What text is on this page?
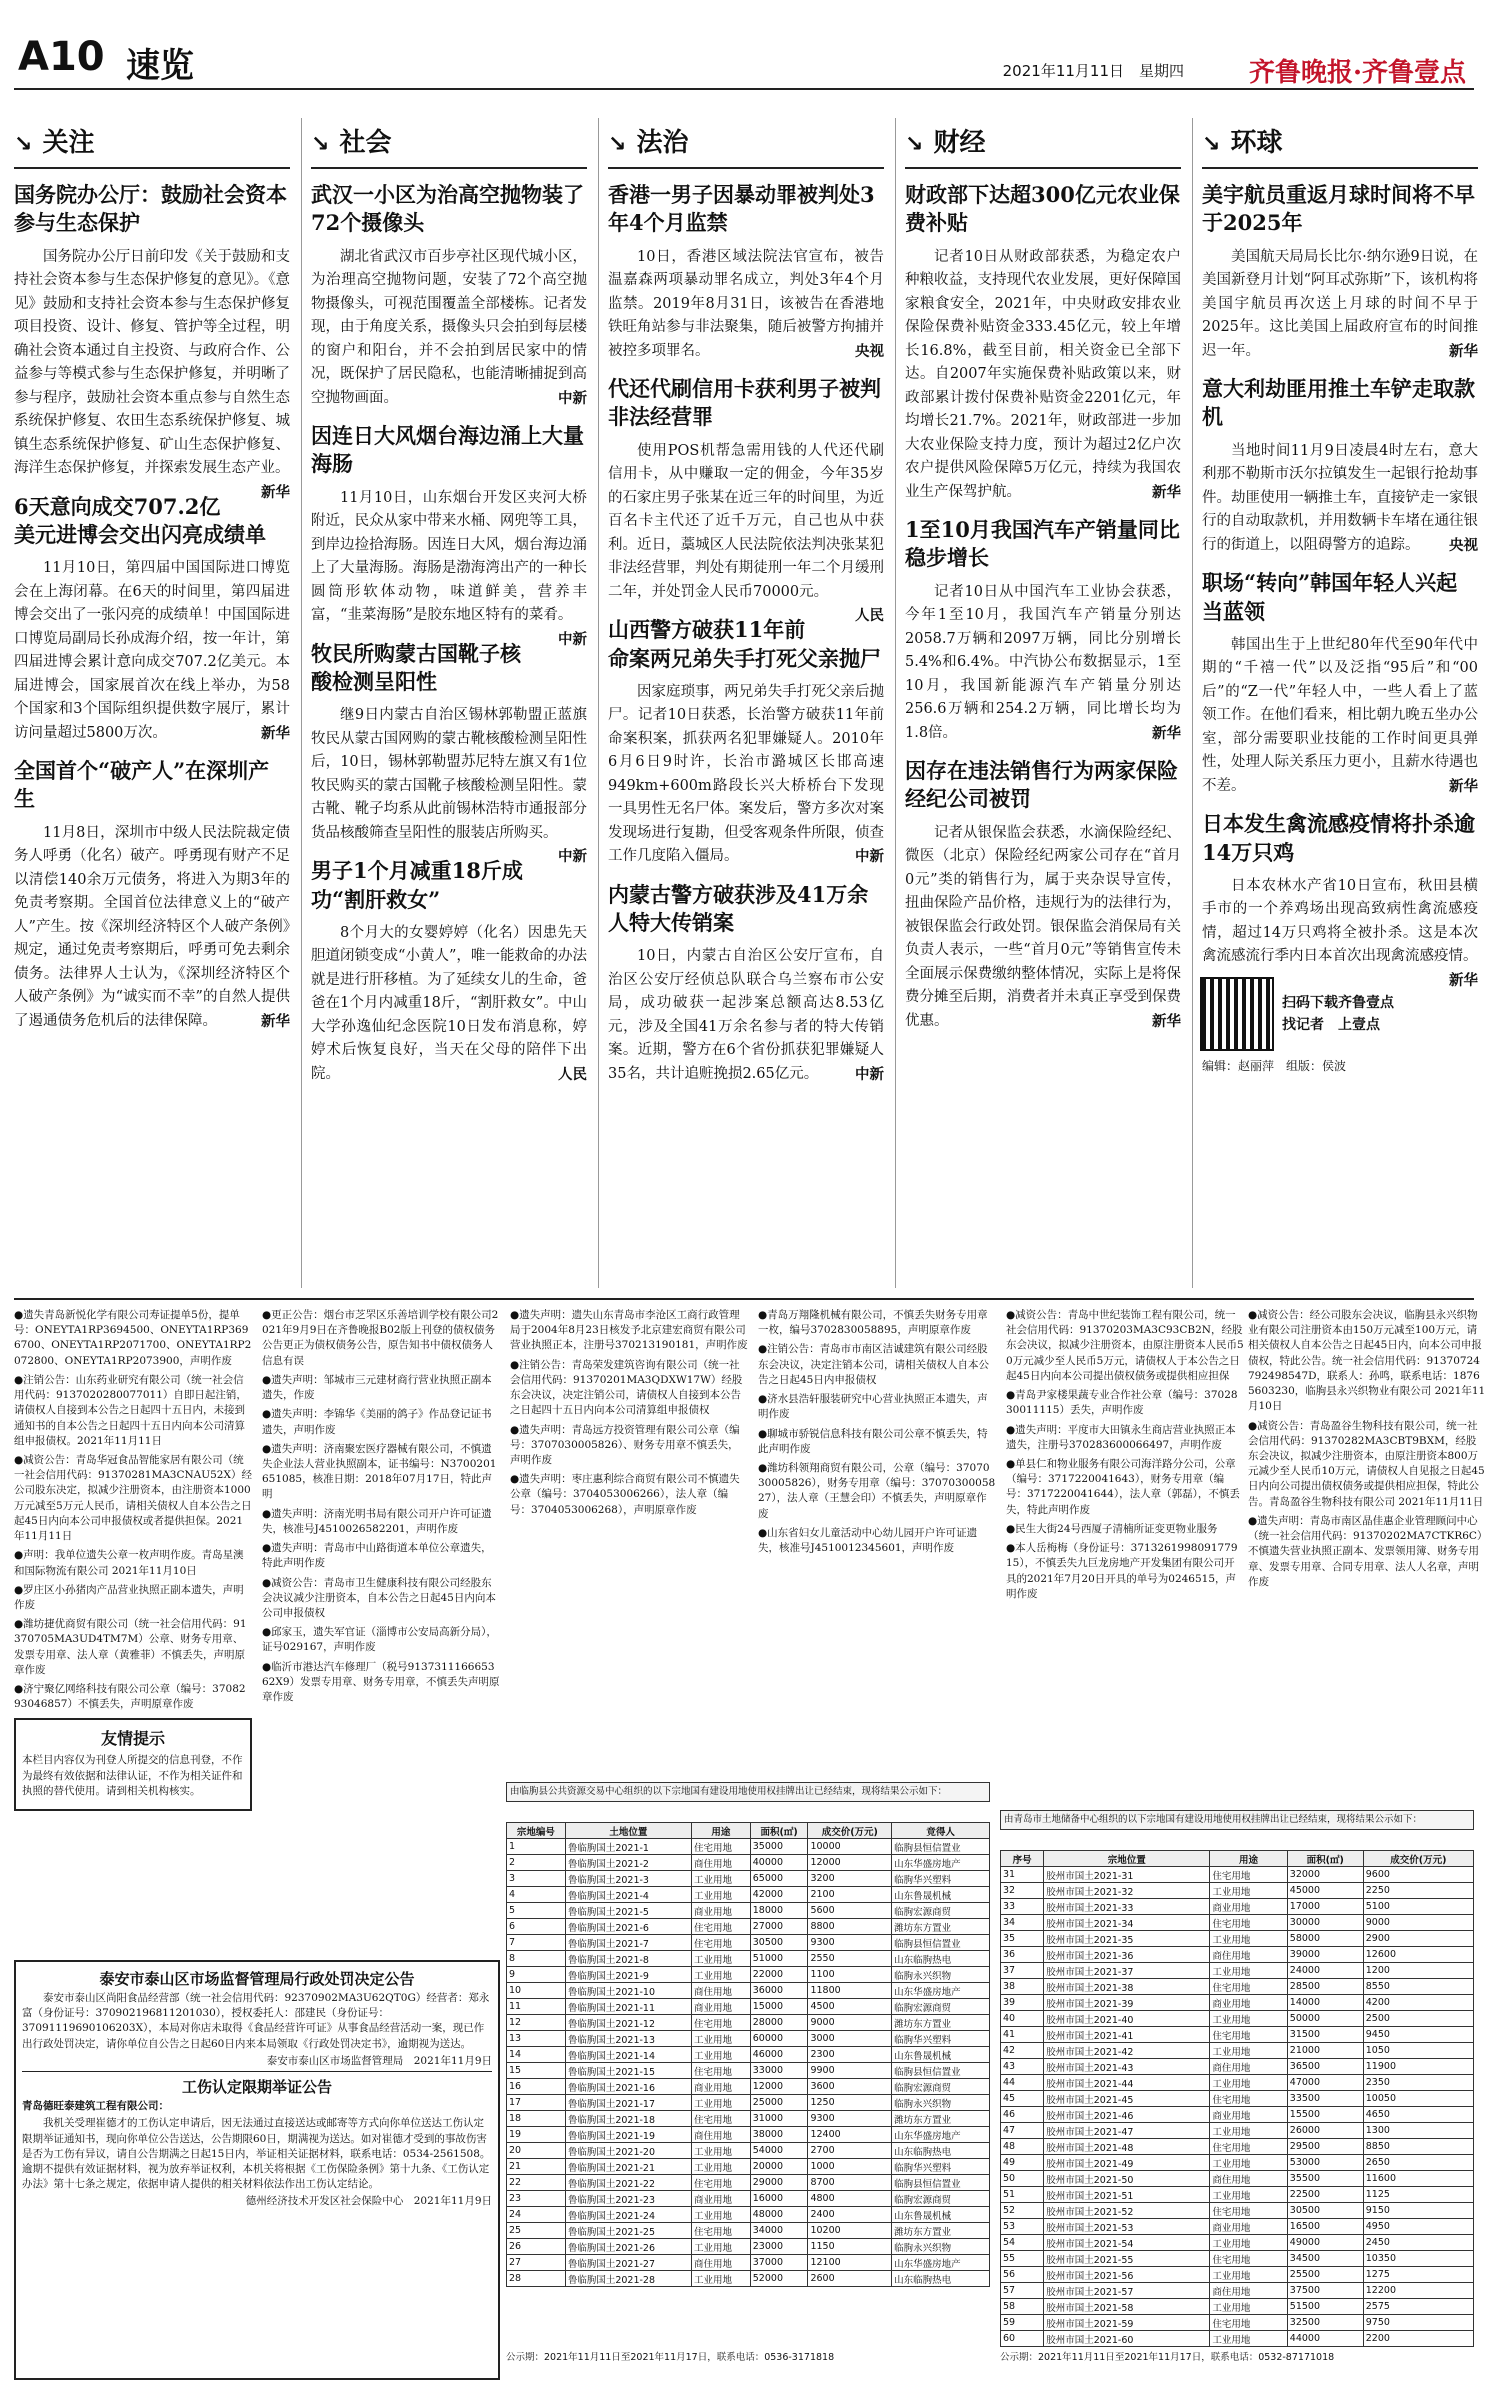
A10 速览	2021年11月11日　星期四 齐鲁晚报·齐鲁壹点
↘ 关注
国务院办公厅：鼓励社会资本参与生态保护

国务院办公厅日前印发《关于鼓励和支持社会资本参与生态保护修复的意见》。《意见》鼓励和支持社会资本参与生态保护修复项目投资、设计、修复、管护等全过程，明确社会资本通过自主投资、与政府合作、公益参与等模式参与生态保护修复，并明晰了参与程序，鼓励社会资本重点参与自然生态系统保护修复、农田生态系统保护修复、城镇生态系统保护修复、矿山生态保护修复、海洋生态保护修复，并探索发展生态产业。
新华

6天意向成交707.2亿美元进博会交出闪亮成绩单

11月10日，第四届中国国际进口博览会在上海闭幕。在6天的时间里，第四届进博会交出了一张闪亮的成绩单！中国国际进口博览局副局长孙成海介绍，按一年计，第四届进博会累计意向成交707.2亿美元。本届进博会，国家展首次在线上举办，为58个国家和3个国际组织提供数字展厅，累计访问量超过5800万次。	新华

全国首个“破产人”在深圳产生

11月8日，深圳市中级人民法院裁定债务人呼勇（化名）破产。呼勇现有财产不足以清偿140余万元债务，将进入为期3年的免责考察期。全国首位法律意义上的“破产人”产生。按《深圳经济特区个人破产条例》规定，通过免责考察期后，呼勇可免去剩余债务。法律界人士认为，《深圳经济特区个人破产条例》为“诚实而不幸”的自然人提供了遏通债务危机后的法律保障。	新华

↘ 社会
武汉一小区为治高空抛物装了72个摄像头

湖北省武汉市百步亭社区现代城小区，为治理高空抛物问题，安装了72个高空抛物摄像头，可视范围覆盖全部楼栋。记者发现，由于角度关系，摄像头只会拍到每层楼的窗户和阳台，并不会拍到居民家中的情况，既保护了居民隐私，也能清晰捕捉到高空抛物画面。	中新

因连日大风烟台海边涌上大量海肠

11月10日，山东烟台开发区夹河大桥附近，民众从家中带来水桶、网兜等工具，到岸边捡拾海肠。因连日大风，烟台海边涌上了大量海肠。海肠是渤海湾出产的一种长圆筒形软体动物，味道鲜美，营养丰富，“韭菜海肠”是胶东地区特有的菜肴。
中新

牧民所购蒙古国靴子核酸检测呈阳性

继9日内蒙古自治区锡林郭勒盟正蓝旗牧民从蒙古国网购的蒙古靴核酸检测呈阳性后，10日，锡林郭勒盟苏尼特左旗又有1位牧民购买的蒙古国靴子核酸检测呈阳性。蒙古靴、靴子均系从此前锡林浩特市通报部分货品核酸筛查呈阳性的服装店所购买。
中新

男子1个月减重18斤成功“割肝救女”

8个月大的女婴婷婷（化名）因患先天胆道闭锁变成“小黄人”，唯一能救命的办法就是进行肝移植。为了延续女儿的生命，爸爸在1个月内减重18斤，“割肝救女”。中山大学孙逸仙纪念医院10日发布消息称，婷婷术后恢复良好，当天在父母的陪伴下出院。	人民

↘ 法治
香港一男子因暴动罪被判处3年4个月监禁

10日，香港区域法院法官宣布，被告温嘉森两项暴动罪名成立，判处3年4个月监禁。2019年8月31日，该被告在香港地铁旺角站参与非法聚集，随后被警方拘捕并被控多项罪名。	央视

代还代刷信用卡获利男子被判非法经营罪

使用POS机帮急需用钱的人代还代刷信用卡，从中赚取一定的佣金，今年35岁的石家庄男子张某在近三年的时间里，为近百名卡主代还了近千万元，自己也从中获利。近日，藁城区人民法院依法判决张某犯非法经营罪，判处有期徒刑一年二个月缓刑二年，并处罚金人民币70000元。
人民

山西警方破获11年前命案两兄弟失手打死父亲抛尸

因家庭琐事，两兄弟失手打死父亲后抛尸。记者10日获悉，长治警方破获11年前命案积案，抓获两名犯罪嫌疑人。2010年6月6日9时许，长治市潞城区长邯高速949km+600m路段长兴大桥桥台下发现一具男性无名尸体。案发后，警方多次对案发现场进行复勘，但受客观条件所限，侦查工作几度陷入僵局。	中新

内蒙古警方破获涉及41万余人特大传销案

10日，内蒙古自治区公安厅宣布，自治区公安厅经侦总队联合乌兰察布市公安局，成功破获一起涉案总额高达8.53亿元，涉及全国41万余名参与者的特大传销案。近期，警方在6个省份抓获犯罪嫌疑人35名，共计追赃挽损2.65亿元。	中新

↘ 财经
财政部下达超300亿元农业保费补贴

记者10日从财政部获悉，为稳定农户种粮收益，支持现代农业发展，更好保障国家粮食安全，2021年，中央财政安排农业保险保费补贴资金333.45亿元，较上年增长16.8%，截至目前，相关资金已全部下达。自2007年实施保费补贴政策以来，财政部累计拨付保费补贴资金2201亿元，年均增长21.7%。2021年，财政部进一步加大农业保险支持力度，预计为超过2亿户次农户提供风险保障5万亿元，持续为我国农业生产保驾护航。	新华

1至10月我国汽车产销量同比稳步增长

记者10日从中国汽车工业协会获悉，今年1至10月，我国汽车产销量分别达2058.7万辆和2097万辆，同比分别增长5.4%和6.4%。中汽协公布数据显示，1至10月，我国新能源汽车产销量分别达256.6万辆和254.2万辆，同比增长均为1.8倍。	新华

因存在违法销售行为两家保险经纪公司被罚

记者从银保监会获悉，水滴保险经纪、微医（北京）保险经纪两家公司存在“首月0元”类的销售行为，属于夹杂误导宣传，扭曲保险产品价格，违规行为的法律行为，被银保监会行政处罚。银保监会消保局有关负责人表示，一些“首月0元”等销售宣传未全面展示保费缴纳整体情况，实际上是将保费分摊至后期，消费者并未真正享受到保费优惠。	新华

↘ 环球
美宇航员重返月球时间将不早于2025年

美国航天局局长比尔·纳尔逊9日说，在美国新登月计划“阿耳忒弥斯”下，该机构将美国宇航员再次送上月球的时间不早于2025年。这比美国上届政府宣布的时间推迟一年。	新华

意大利劫匪用推土车铲走取款机

当地时间11月9日凌晨4时左右，意大利那不勒斯市沃尔拉镇发生一起银行抢劫事件。劫匪使用一辆推土车，直接铲走一家银行的自动取款机，并用数辆卡车堵在通往银行的街道上，以阻碍警方的追踪。	央视

职场“转向”韩国年轻人兴起当蓝领

韩国出生于上世纪80年代至90年代中期的“千禧一代”以及泛指“95后”和“00后”的“Z一代”年轻人中，一些人看上了蓝领工作。在他们看来，相比朝九晚五坐办公室，部分需要职业技能的工作时间更具弹性，处理人际关系压力更小，且薪水待遇也不差。	新华

日本发生禽流感疫情将扑杀逾14万只鸡

日本农林水产省10日宣布，秋田县横手市的一个养鸡场出现高致病性禽流感疫情，超过14万只鸡将全被扑杀。这是本次禽流感流行季内日本首次出现禽流感疫情。
新华

扫码下载齐鲁壹点
找记者　上壹点
编辑：赵丽萍　组版：侯波
●遗失青岛新悦化学有限公司寿证提单5份，提单号：ONEYTA1RP3694500、ONEYTA1RP3696700、ONEYTA1RP2071700、ONEYTA1RP2072800、ONEYTA1RP2073900，声明作废
●注销公告：山东药业研究有限公司（统一社会信用代码：9137020280077011）自即日起注销，请债权人自接到本公告之日起四十五日内，未接到通知书的自本公告之日起四十五日内向本公司清算组申报债权。2021年11月11日
●减资公告：青岛华冠食品智能家居有限公司（统一社会信用代码：91370281MA3CNAU52X）经公司股东决定，拟减少注册资本，由注册资本1000万元减至5万元人民币，请相关债权人自本公告之日起45日内向本公司申报债权或者提供担保。2021年11月11日
●声明：我单位遗失公章一枚声明作废。青岛星澳和国际物流有限公司 2021年11月10日
●罗庄区小孙猪肉产品营业执照正副本遗失，声明作废
●潍坊捷优商贸有限公司（统一社会信用代码：91370705MA3UD4TM7M）公章、财务专用章、发票专用章、法人章（黄雅菲）不慎丢失，声明原章作废
●济宁聚亿网络科技有限公司公章（编号：3708293046857）不慎丢失，声明原章作废
友情提示
本栏目内容仅为刊登人所提交的信息刊登，不作为最终有效依据和法律认证，不作为相关证件和执照的替代使用。请到相关机构核实。
●更正公告：烟台市芝罘区乐善培训学校有限公司2021年9月9日在齐鲁晚报B02版上刊登的债权债务公告更正为债权债务公告，原告知书中债权债务人信息有误
●遗失声明：邹城市三元建材商行营业执照正副本遗失，作废
●遗失声明：李锦华《美丽的鸽子》作品登记证书遗失，声明作废
●遗失声明：济南聚宏医疗器械有限公司，不慎遗失企业法人营业执照副本，证书编号：N3700201651085，核准日期：2018年07月17日，特此声明
●遗失声明：济南光明书局有限公司开户许可证遗失，核准号J4510026582201，声明作废
●遗失声明：青岛市中山路街道本单位公章遗失，特此声明作废
●减资公告：青岛市卫生健康科技有限公司经股东会决议减少注册资本，自本公告之日起45日内向本公司申报债权
●邱家玉，遗失军官证（淄博市公安局高新分局），证号029167，声明作废
●临沂市港达汽车修理厂（税号913731116665362X9）发票专用章、财务专用章，不慎丢失声明原章作废
●遗失声明：遗失山东青岛市李沧区工商行政管理局于2004年8月23日核发予北京建宏商贸有限公司营业执照正本，注册号370213190181，声明作废
●注销公告：青岛荣发建筑咨询有限公司（统一社会信用代码：91370201MA3QDXW17W）经股东会决议，决定注销公司，请债权人自接到本公告之日起四十五日内向本公司清算组申报债权
●遗失声明：青岛远方投资管理有限公司公章（编号：3707030005826）、财务专用章不慎丢失，声明作废
●遗失声明：枣庄惠利综合商贸有限公司不慎遗失公章（编号：3704053006266），法人章（编号：3704053006268），声明原章作废
●青岛万翔隆机械有限公司，不慎丢失财务专用章一枚，编号3702830058895，声明原章作废
●注销公告：青岛市市南区洁诚建筑有限公司经股东会决议，决定注销本公司，请相关债权人自本公告之日起45日内申报债权
●济水县浩轩服装研究中心营业执照正本遗失，声明作废
●聊城市骄锐信息科技有限公司公章不慎丢失，特此声明作废
●潍坊科领翔商贸有限公司，公章（编号：3707030005826），财务专用章（编号：3707030005827），法人章（王慧会印）不慎丢失，声明原章作废
●山东省妇女儿童活动中心幼儿园开户许可证遗失，核准号J4510012345601，声明作废
●减资公告：青岛中世纪装饰工程有限公司，统一社会信用代码：91370203MA3C93CB2N，经股东会决议，拟减少注册资本，由原注册资本人民币50万元减少至人民币5万元，请债权人于本公告之日起45日内向本公司提出债权债务或提供相应担保
●青岛尹家楼果蔬专业合作社公章（编号：3702830011115）丢失，声明作废
●遗失声明：平度市大田镇永生商店营业执照正本遗失，注册号370283600066497，声明作废
●单县仁和物业服务有限公司海洋路分公司，公章（编号：3717220041643），财务专用章（编号：3717220041644），法人章（郭磊），不慎丢失，特此声明作废
●民生大街24号西厦子清楠所证变更物业服务
●本人岳梅梅（身份证号：371326199809177915），不慎丢失九巨龙房地产开发集团有限公司开具的2021年7月20日开具的单号为0246515，声明作废
●减资公告：经公司股东会决议，临朐县永兴织物业有限公司注册资本由150万元减至100万元，请相关债权人自本公告之日起45日内，向本公司申报债权，特此公告。统一社会信用代码：91370724792498547D，联系人：孙鸣，联系电话：18765603230，临朐县永兴织物业有限公司 2021年11月10日
●减资公告：青岛盈谷生物科技有限公司，统一社会信用代码：91370282MA3CBT9BXM，经股东会决议，拟减少注册资本，由原注册资本800万元减少至人民币10万元，请债权人自见报之日起45日内向公司提出债权债务或提供相应担保，特此公告。青岛盈谷生物科技有限公司 2021年11月11日
●遗失声明：青岛市南区晶佳惠企业管理顾问中心（统一社会信用代码：91370202MA7CTKR6C）不慎遗失营业执照正副本、发票领用簿、财务专用章、发票专用章、合同专用章、法人人名章，声明作废
泰安市泰山区市场监督管理局行政处罚决定公告

泰安市泰山区尚阳食品经营部（统一社会信用代码：92370902MA3U62QT0G）经营者：郑永富（身份证号：370902196811201030），授权委托人：邵建民（身份证号：37091119690106203X），本局对你店未取得《食品经营许可证》从事食品经营活动一案，现已作出行政处罚决定，请你单位自公告之日起60日内来本局领取《行政处罚决定书》，逾期视为送达。

泰安市泰山区市场监督管理局　2021年11月9日

工伤认定限期举证公告

青岛德旺泰建筑工程有限公司：

我机关受理崔德才的工伤认定申请后，因无法通过直接送达或邮寄等方式向你单位送达工伤认定限期举证通知书，现向你单位公告送达，公告期限60日，期满视为送达。如对崔德才受到的事故伤害是否为工伤有异议，请自公告期满之日起15日内，举证相关证据材料，联系电话：0534-2561508。逾期不提供有效证据材料，视为放弃举证权利，本机关将根据《工伤保险条例》第十九条、《工伤认定办法》第十七条之规定，依据申请人提供的相关材料依法作出工伤认定结论。

德州经济技术开发区社会保险中心　2021年11月9日

由临朐县公共资源交易中心组织的以下宗地国有建设用地使用权挂牌出让已经结束，现将结果公示如下：
宗地编号	土地位置	用途	面积(㎡)	成交价(万元)	竞得人
1	鲁临朐国土2021-1	住宅用地	35000	10000	临朐县恒信置业
2	鲁临朐国土2021-2	商住用地	40000	12000	山东华盛房地产
3	鲁临朐国土2021-3	工业用地	65000	3200	临朐华兴塑料
4	鲁临朐国土2021-4	工业用地	42000	2100	山东鲁晟机械
5	鲁临朐国土2021-5	商业用地	18000	5600	临朐宏源商贸
6	鲁临朐国土2021-6	住宅用地	27000	8800	潍坊东方置业
7	鲁临朐国土2021-7	住宅用地	30500	9300	临朐县恒信置业
8	鲁临朐国土2021-8	工业用地	51000	2550	山东临朐热电
9	鲁临朐国土2021-9	工业用地	22000	1100	临朐永兴织物
10	鲁临朐国土2021-10	商住用地	36000	11800	山东华盛房地产
11	鲁临朐国土2021-11	商业用地	15000	4500	临朐宏源商贸
12	鲁临朐国土2021-12	住宅用地	28000	9000	潍坊东方置业
13	鲁临朐国土2021-13	工业用地	60000	3000	临朐华兴塑料
14	鲁临朐国土2021-14	工业用地	46000	2300	山东鲁晟机械
15	鲁临朐国土2021-15	住宅用地	33000	9900	临朐县恒信置业
16	鲁临朐国土2021-16	商业用地	12000	3600	临朐宏源商贸
17	鲁临朐国土2021-17	工业用地	25000	1250	临朐永兴织物
18	鲁临朐国土2021-18	住宅用地	31000	9300	潍坊东方置业
19	鲁临朐国土2021-19	商住用地	38000	12400	山东华盛房地产
20	鲁临朐国土2021-20	工业用地	54000	2700	山东临朐热电
21	鲁临朐国土2021-21	工业用地	20000	1000	临朐华兴塑料
22	鲁临朐国土2021-22	住宅用地	29000	8700	临朐县恒信置业
23	鲁临朐国土2021-23	商业用地	16000	4800	临朐宏源商贸
24	鲁临朐国土2021-24	工业用地	48000	2400	山东鲁晟机械
25	鲁临朐国土2021-25	住宅用地	34000	10200	潍坊东方置业
26	鲁临朐国土2021-26	工业用地	23000	1150	临朐永兴织物
27	鲁临朐国土2021-27	商住用地	37000	12100	山东华盛房地产
28	鲁临朐国土2021-28	工业用地	52000	2600	山东临朐热电
公示期：2021年11月11日至2021年11月17日，联系电话：0536-3171818
由青岛市土地储备中心组织的以下宗地国有建设用地使用权挂牌出让已经结束，现将结果公示如下：
序号	宗地位置	用途	面积(㎡)	成交价(万元)
31	胶州市国土2021-31	住宅用地	32000	9600
32	胶州市国土2021-32	工业用地	45000	2250
33	胶州市国土2021-33	商业用地	17000	5100
34	胶州市国土2021-34	住宅用地	30000	9000
35	胶州市国土2021-35	工业用地	58000	2900
36	胶州市国土2021-36	商住用地	39000	12600
37	胶州市国土2021-37	工业用地	24000	1200
38	胶州市国土2021-38	住宅用地	28500	8550
39	胶州市国土2021-39	商业用地	14000	4200
40	胶州市国土2021-40	工业用地	50000	2500
41	胶州市国土2021-41	住宅用地	31500	9450
42	胶州市国土2021-42	工业用地	21000	1050
43	胶州市国土2021-43	商住用地	36500	11900
44	胶州市国土2021-44	工业用地	47000	2350
45	胶州市国土2021-45	住宅用地	33500	10050
46	胶州市国土2021-46	商业用地	15500	4650
47	胶州市国土2021-47	工业用地	26000	1300
48	胶州市国土2021-48	住宅用地	29500	8850
49	胶州市国土2021-49	工业用地	53000	2650
50	胶州市国土2021-50	商住用地	35500	11600
51	胶州市国土2021-51	工业用地	22500	1125
52	胶州市国土2021-52	住宅用地	30500	9150
53	胶州市国土2021-53	商业用地	16500	4950
54	胶州市国土2021-54	工业用地	49000	2450
55	胶州市国土2021-55	住宅用地	34500	10350
56	胶州市国土2021-56	工业用地	25500	1275
57	胶州市国土2021-57	商住用地	37500	12200
58	胶州市国土2021-58	工业用地	51500	2575
59	胶州市国土2021-59	住宅用地	32500	9750
60	胶州市国土2021-60	工业用地	44000	2200
公示期：2021年11月11日至2021年11月17日，联系电话：0532-87171018
